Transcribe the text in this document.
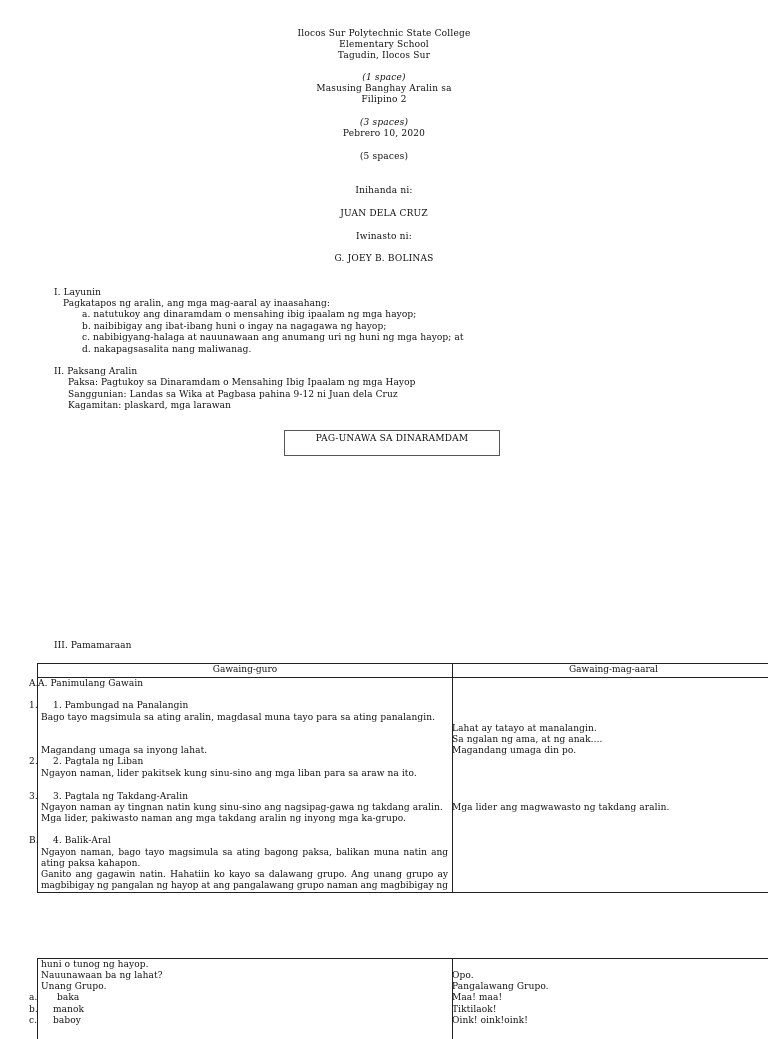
Ilocos Sur Polytechnic State College
Elementary School
Tagudin, Ilocos Sur
(1 space)
Masusing Banghay Aralin sa
Filipino 2
(3 spaces)
Pebrero 10, 2020
(5 spaces)
Inihanda ni:
JUAN DELA CRUZ
Iwinasto ni:
G. JOEY B. BOLINAS
I. Layunin
Pagkatapos ng aralin, ang mga mag-aaral ay inaasahang:
a. natutukoy ang dinaramdam o mensahing ibig ipaalam ng mga hayop;
b. naibibigay ang ibat-ibang huni o ingay na nagagawa ng hayop;
c. nabibigyang-halaga at nauunawaan ang anumang uri ng huni ng mga hayop; at
d. nakapagsasalita nang maliwanag.
II. Paksang Aralin
Paksa: Pagtukoy sa Dinaramdam o Mensahing Ibig Ipaalam ng mga Hayop
Sanggunian: Landas sa Wika at Pagbasa pahina 9-12 ni Juan dela Cruz
Kagamitan: plaskard, mga larawan
PAG-UNAWA SA DINARAMDAM
III. Pamamaraan
Gawaing-guro	Gawaing-mag-aaral
A.
1.
2.
3.
B.
A. Panimulang Gawain
1. Pambungad na Panalangin
Bago tayo magsimula sa ating aralin, magdasal muna tayo para sa ating panalangin.
Magandang umaga sa inyong lahat.
2. Pagtala ng Liban
Ngayon naman, lider pakitsek kung sinu-sino ang mga liban para sa araw na ito.
3. Pagtala ng Takdang-Aralin
Ngayon naman ay tingnan natin kung sinu-sino ang nagsipag-gawa ng takdang aralin.
Mga lider, pakiwasto naman ang mga takdang aralin ng inyong mga ka-grupo.
4. Balik-Aral
Ngayon naman, bago tayo magsimula sa ating bagong paksa, balikan muna natin ang
ating paksa kahapon.
Ganito ang gagawin natin. Hahatiin ko kayo sa dalawang grupo. Ang unang grupo ay
magbibigay ng pangalan ng hayop at ang pangalawang grupo naman ang magbibigay ng
Lahat ay tatayo at manalangin.
Sa ngalan ng ama, at ng anak....
Magandang umaga din po.
Mga lider ang magwawasto ng takdang aralin.
a.
b.
c.
huni o tunog ng hayop.
Nauunawaan ba ng lahat?
Unang Grupo.
baka
manok
baboy
Opo.
Pangalawang Grupo.
Maa! maa!
Tiktilaok!
Oink! oink!oink!
